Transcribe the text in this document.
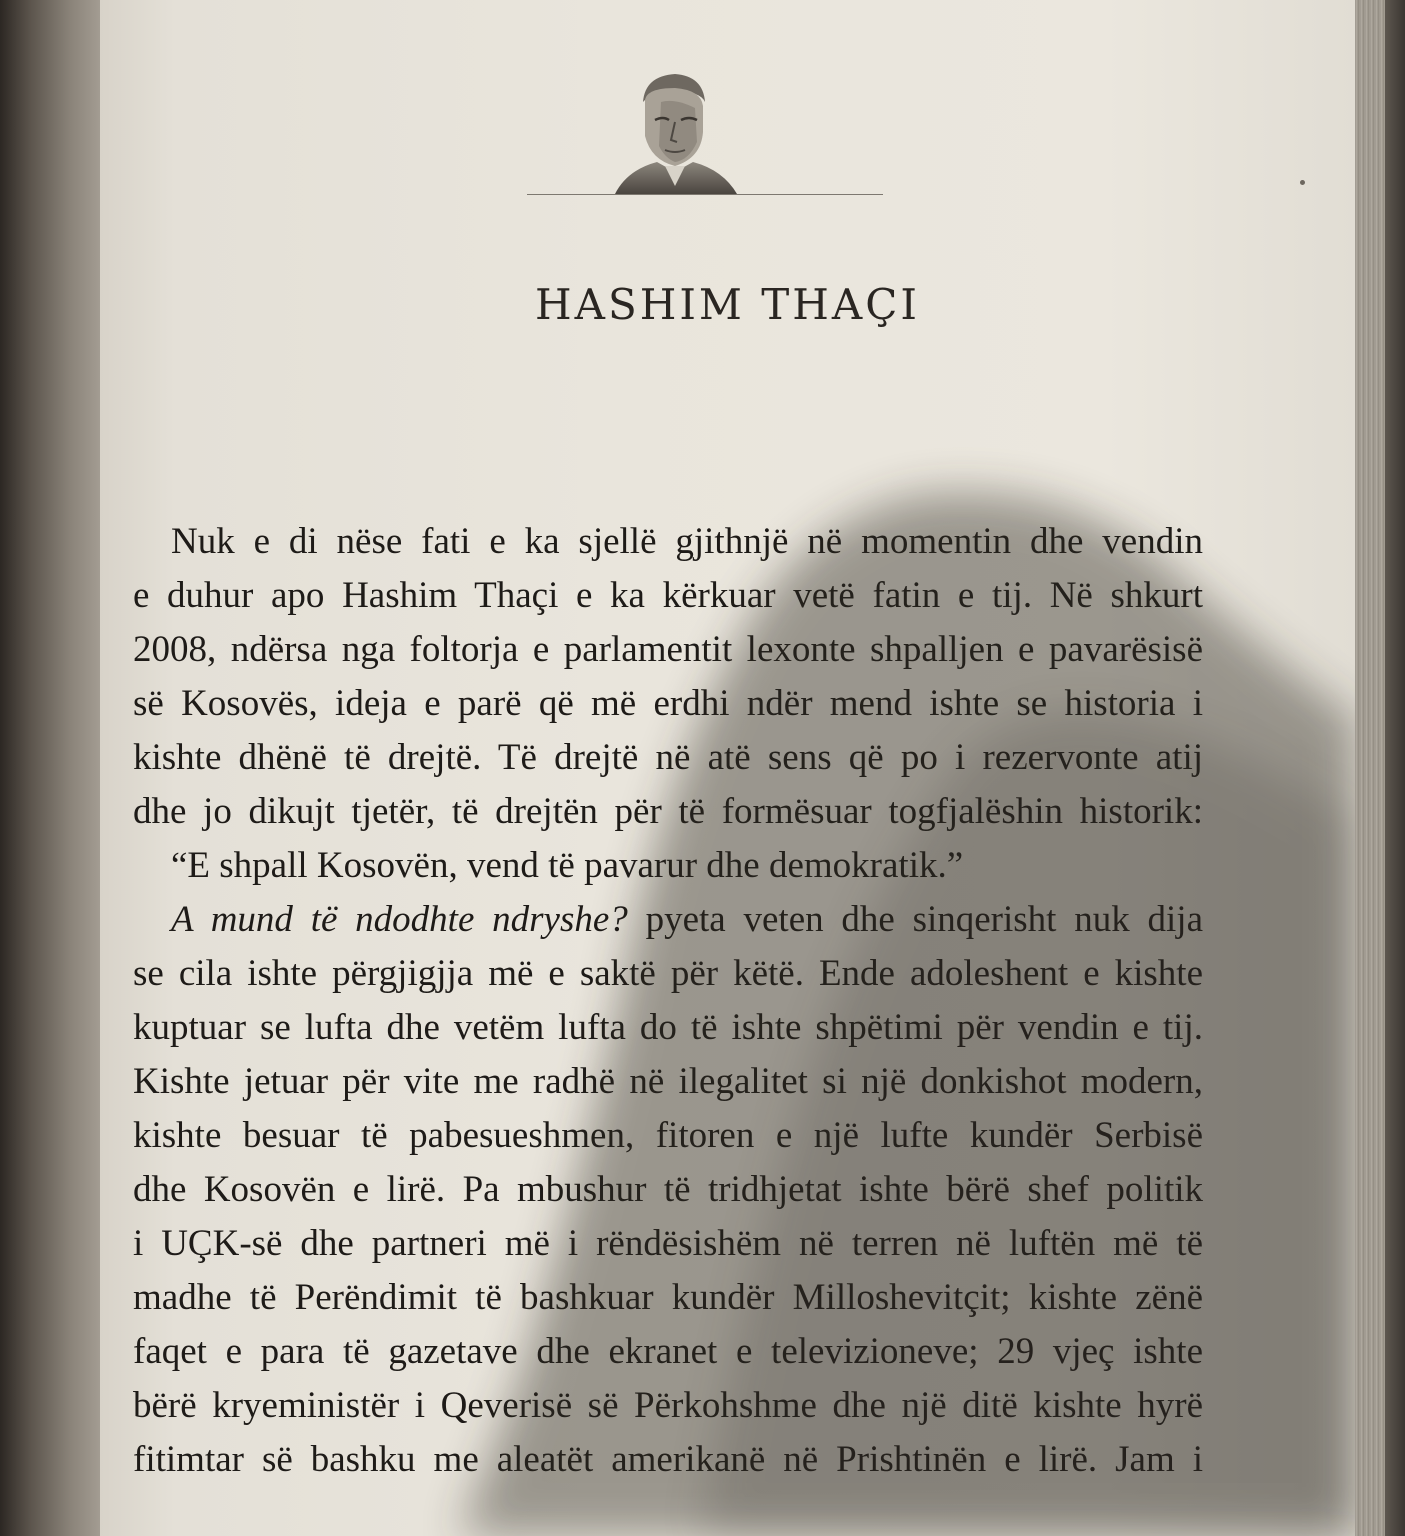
HASHIM THAÇI
Nuk e di nëse fati e ka sjellë gjithnjë në momentin dhe vendin
e duhur apo Hashim Thaçi e ka kërkuar vetë fatin e tij. Në shkurt
2008, ndërsa nga foltorja e parlamentit lexonte shpalljen e pavarësisë
së Kosovës, ideja e parë që më erdhi ndër mend ishte se historia i
kishte dhënë të drejtë. Të drejtë në atë sens që po i rezervonte atij
dhe jo dikujt tjetër, të drejtën për të formësuar togfjalëshin historik:
“E shpall Kosovën, vend të pavarur dhe demokratik.”
A mund të ndodhte ndryshe? pyeta veten dhe sinqerisht nuk dija
se cila ishte përgjigjja më e saktë për këtë. Ende adoleshent e kishte
kuptuar se lufta dhe vetëm lufta do të ishte shpëtimi për vendin e tij.
Kishte jetuar për vite me radhë në ilegalitet si një donkishot modern,
kishte besuar të pabesueshmen, fitoren e një lufte kundër Serbisë
dhe Kosovën e lirë. Pa mbushur të tridhjetat ishte bërë shef politik
i UÇK-së dhe partneri më i rëndësishëm në terren në luftën më të
madhe të Perëndimit të bashkuar kundër Milloshevitçit; kishte zënë
faqet e para të gazetave dhe ekranet e televizioneve; 29 vjeç ishte
bërë kryeministër i Qeverisë së Përkohshme dhe një ditë kishte hyrë
fitimtar së bashku me aleatët amerikanë në Prishtinën e lirë. Jam i
